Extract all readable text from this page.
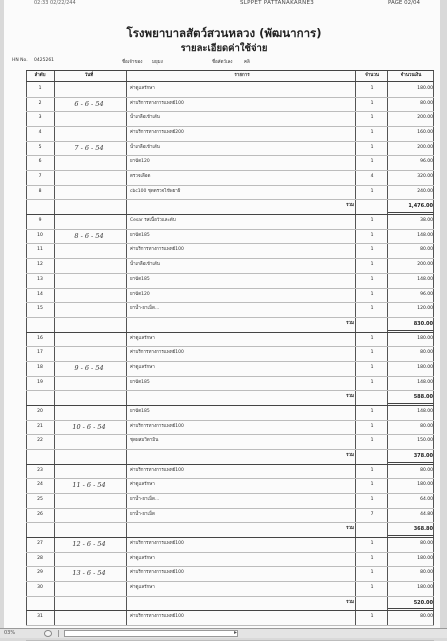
02:33 02/22/244	SLPPET PATTANAKARNE3	PAGE 02/04
โรงพยาบาลสัตว์สวนหลวง (พัฒนาการ)
รายละเอียดค่าใช้จ่าย
HN No. 0425261	ชื่อเจ้าของ มยุมง	ชื่อสัตว์เลง	คลิ
ลำดับ	วันที่	รายการ	จำนวน	จำนวนเงิน
1	ค่าดูแลรักษา	1	180.00
2	6 - 6 - 54	ค่าบริการทางการแพทย์100	1	80.00
3	น้ำเกลือเข้าเส้น	1	200.00
4	ค่าบริการทางการแพทย์200	1	160.00
5	7 - 6 - 54	น้ำเกลือเข้าเส้น	1	200.00
6	ยาฉีด120	1	96.00
7	ตรวจเลือด	4	320.00
8	cbc100 ชุดตรวจไข้พยาธิ	1	240.00
รวม	1,476.00
9	Cesar รสเนื้อวัวและตับ	1	38.00
10	8 - 6 - 54	ยาฉีด185	1	148.00
11	ค่าบริการทางการแพทย์100	1	80.00
12	น้ำเกลือเข้าเส้น	1	200.00
13	ยาฉีด185	1	148.00
14	ยาฉีด120	1	96.00
15	ยาน้ำ-ยาเม็ด...	1	120.00
รวม	830.00
16	ค่าดูแลรักษา	1	180.00
17	ค่าบริการทางการแพทย์100	1	80.00
18	9 - 6 - 54	ค่าดูแลรักษา	1	180.00
19	ยาฉีด185	1	148.00
รวม	588.00
20	ยาฉีด185	1	148.00
21	10 - 6 - 54	ค่าบริการทางการแพทย์100	1	80.00
22	ชุดผสมวิตามิน	1	150.00
รวม	378.00
23	ค่าบริการทางการแพทย์100	1	80.00
24	11 - 6 - 54	ค่าดูแลรักษา	1	180.00
25	ยาน้ำ-ยาเม็ด...	1	64.00
26	ยาน้ำ-ยาเม็ด	7	44.80
รวม	368.80
27	12 - 6 - 54	ค่าบริการทางการแพทย์100	1	80.00
28	ค่าดูแลรักษา	1	180.00
29	13 - 6 - 54	ค่าบริการทางการแพทย์100	1	80.00
30	ค่าดูแลรักษา	1	180.00
รวม	520.00
31	ค่าบริการทางการแพทย์100	1	80.00
03%	▸
